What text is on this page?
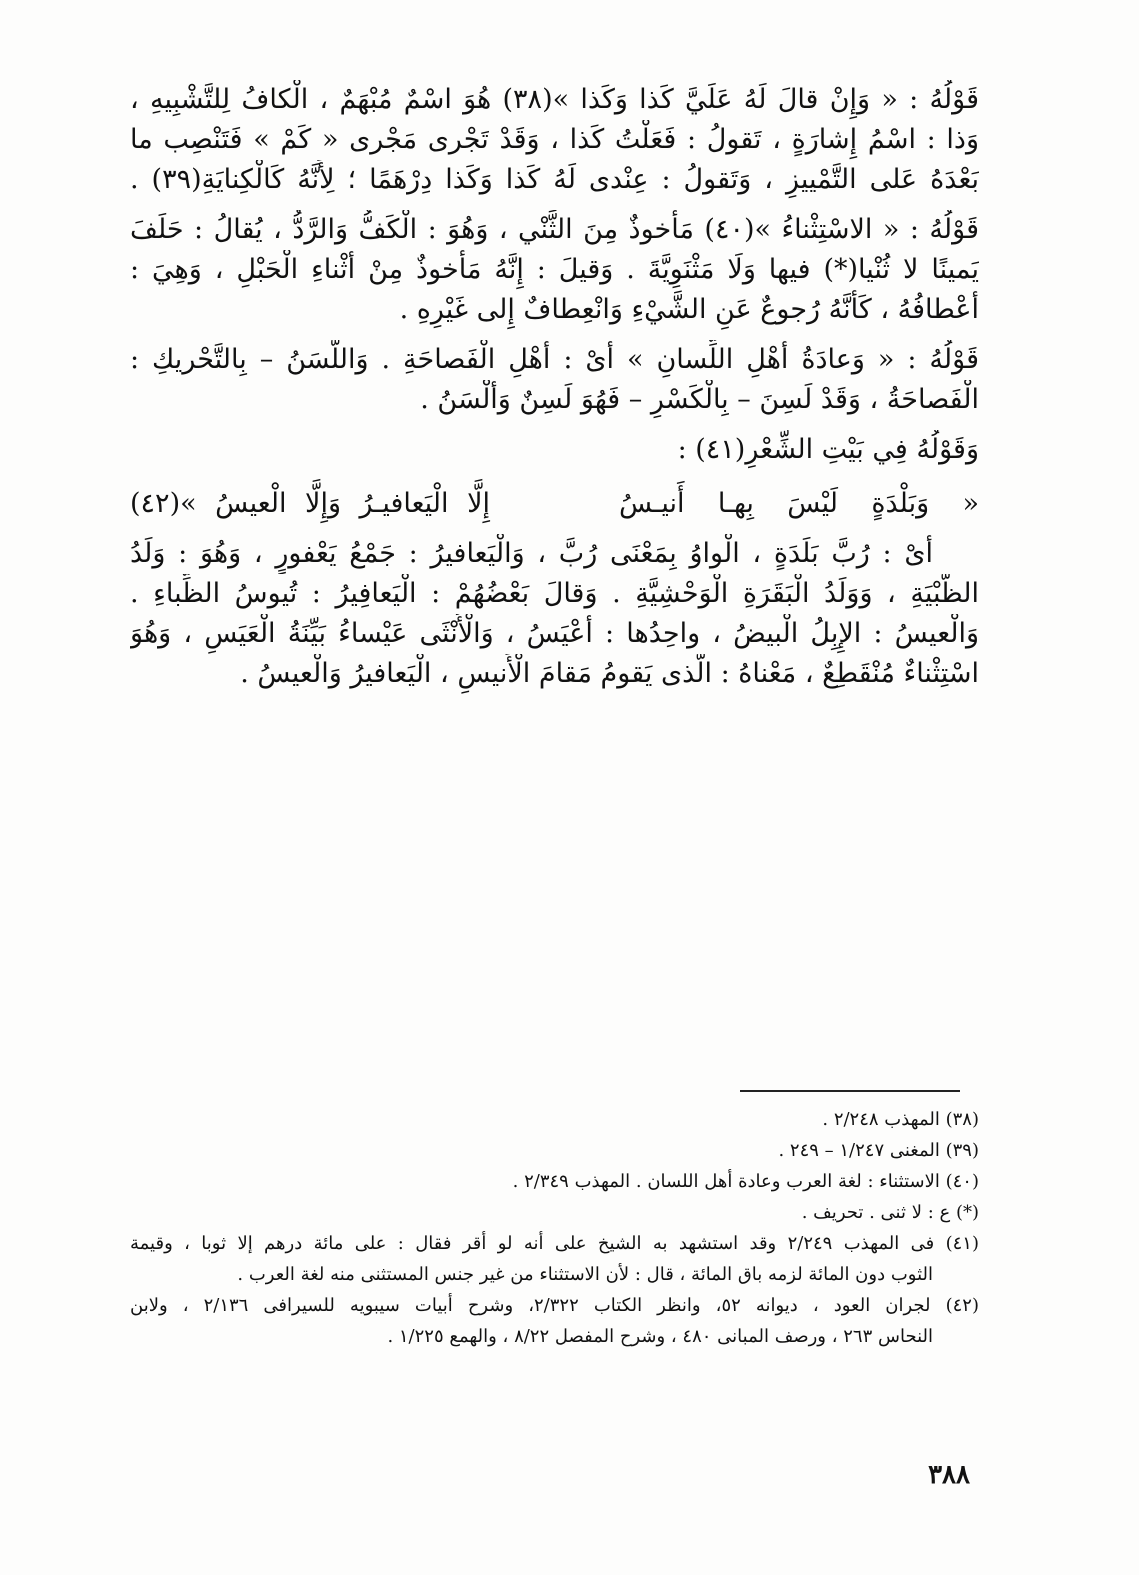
قَوْلُهُ : « وَإِنْ قالَ لَهُ عَلَيَّ كَذا وَكَذا »(٣٨) هُوَ اسْمٌ مُبْهَمٌ ، الْكافُ لِلتَّشْبِيهِ ،
وَذا : اسْمُ إِشارَةٍ ، تَقولُ : فَعَلْتُ كَذا ، وَقَدْ تَجْرى مَجْرى « كَمْ » فَتَنْصِب ما
بَعْدَهُ عَلى التَّمْييزِ ، وَتَقولُ : عِنْدى لَهُ كَذا وَكَذا دِرْهَمًا ؛ لِأَنَّهُ كَالْكِنايَةِ(٣٩) .
قَوْلُهُ : « الاسْتِثْناءُ »(٤٠) مَأْخوذٌ مِنَ الثَّنْي ، وَهُوَ : الْكَفُّ وَالرَّدُّ ، يُقالُ : حَلَفَ
يَمينًا لا ثُنْيا(*) فيها وَلَا مَثْنَوِيَّةَ . وَقيلَ : إِنَّهُ مَأْخوذٌ مِنْ أَثْناءِ الْحَبْلِ ، وَهِيَ :
أَعْطافُهُ ، كَأَنَّهُ رُجوعٌ عَنِ الشَّيْءِ وَانْعِطافٌ إِلى غَيْرِهِ .
قَوْلُهُ : « وَعادَةُ أَهْلِ اللِّسانِ » أَىْ : أَهْلِ الْفَصاحَةِ . وَاللَّسَنُ – بِالتَّحْريكِ :
الْفَصاحَةُ ، وَقَدْ لَسِنَ – بِالْكَسْرِ – فَهُوَ لَسِنٌ وَأَلْسَنُ .
وَقَوْلُهُ فِي بَيْتِ الشِّعْرِ(٤١) :
« وَبَلْدَةٍ لَيْسَ بِهـا أَنيـسُ
إِلَّا الْيَعافيـرُ وَإِلَّا الْعيسُ »(٤٢)
أَىْ : رُبَّ بَلَدَةٍ ، الْواوُ بِمَعْنَى رُبَّ ، وَالْيَعافيرُ : جَمْعُ يَعْفورٍ ، وَهُوَ : وَلَدُ
الظَّبْيَةِ ، وَوَلَدُ الْبَقَرَةِ الْوَحْشِيَّةِ . وَقالَ بَعْضُهُمْ : الْيَعافِيرُ : تُيوسُ الظِّباءِ .
وَالْعيسُ : الإِبِلُ الْبيضُ ، واحِدُها : أَعْيَسُ ، وَالْأُنْثَى عَيْساءُ بَيِّنَةُ الْعَيَسِ ، وَهُوَ
اسْتِثْناءٌ مُنْقَطِعٌ ، مَعْناهُ : الَّذى يَقومُ مَقامَ الْأَنيسِ ، الْيَعافيرُ وَالْعيسُ .
(٣٨) المهذب ٢/٢٤٨ .
(٣٩) المغنى ١/٢٤٧ – ٢٤٩ .
(٤٠) الاستثناء : لغة العرب وعادة أهل اللسان . المهذب ٢/٣٤٩ .
(*) ع : لا ثنى . تحريف .
(٤١) فى المهذب ٢/٢٤٩ وقد استشهد به الشيخ على أنه لو أقر فقال : على مائة درهم إلا ثوبا ، وقيمة
الثوب دون المائة لزمه باق المائة ، قال : لأن الاستثناء من غير جنس المستثنى منه لغة العرب .
(٤٢) لجران العود ، ديوانه ٥٢، وانظر الكتاب ٢/٣٢٢، وشرح أبيات سيبويه للسيرافى ٢/١٣٦ ، ولابن
النحاس ٢٦٣ ، ورصف المبانى ٤٨٠ ، وشرح المفصل ٨/٢٢ ، والهمع ١/٢٢٥ .
٣٨٨
